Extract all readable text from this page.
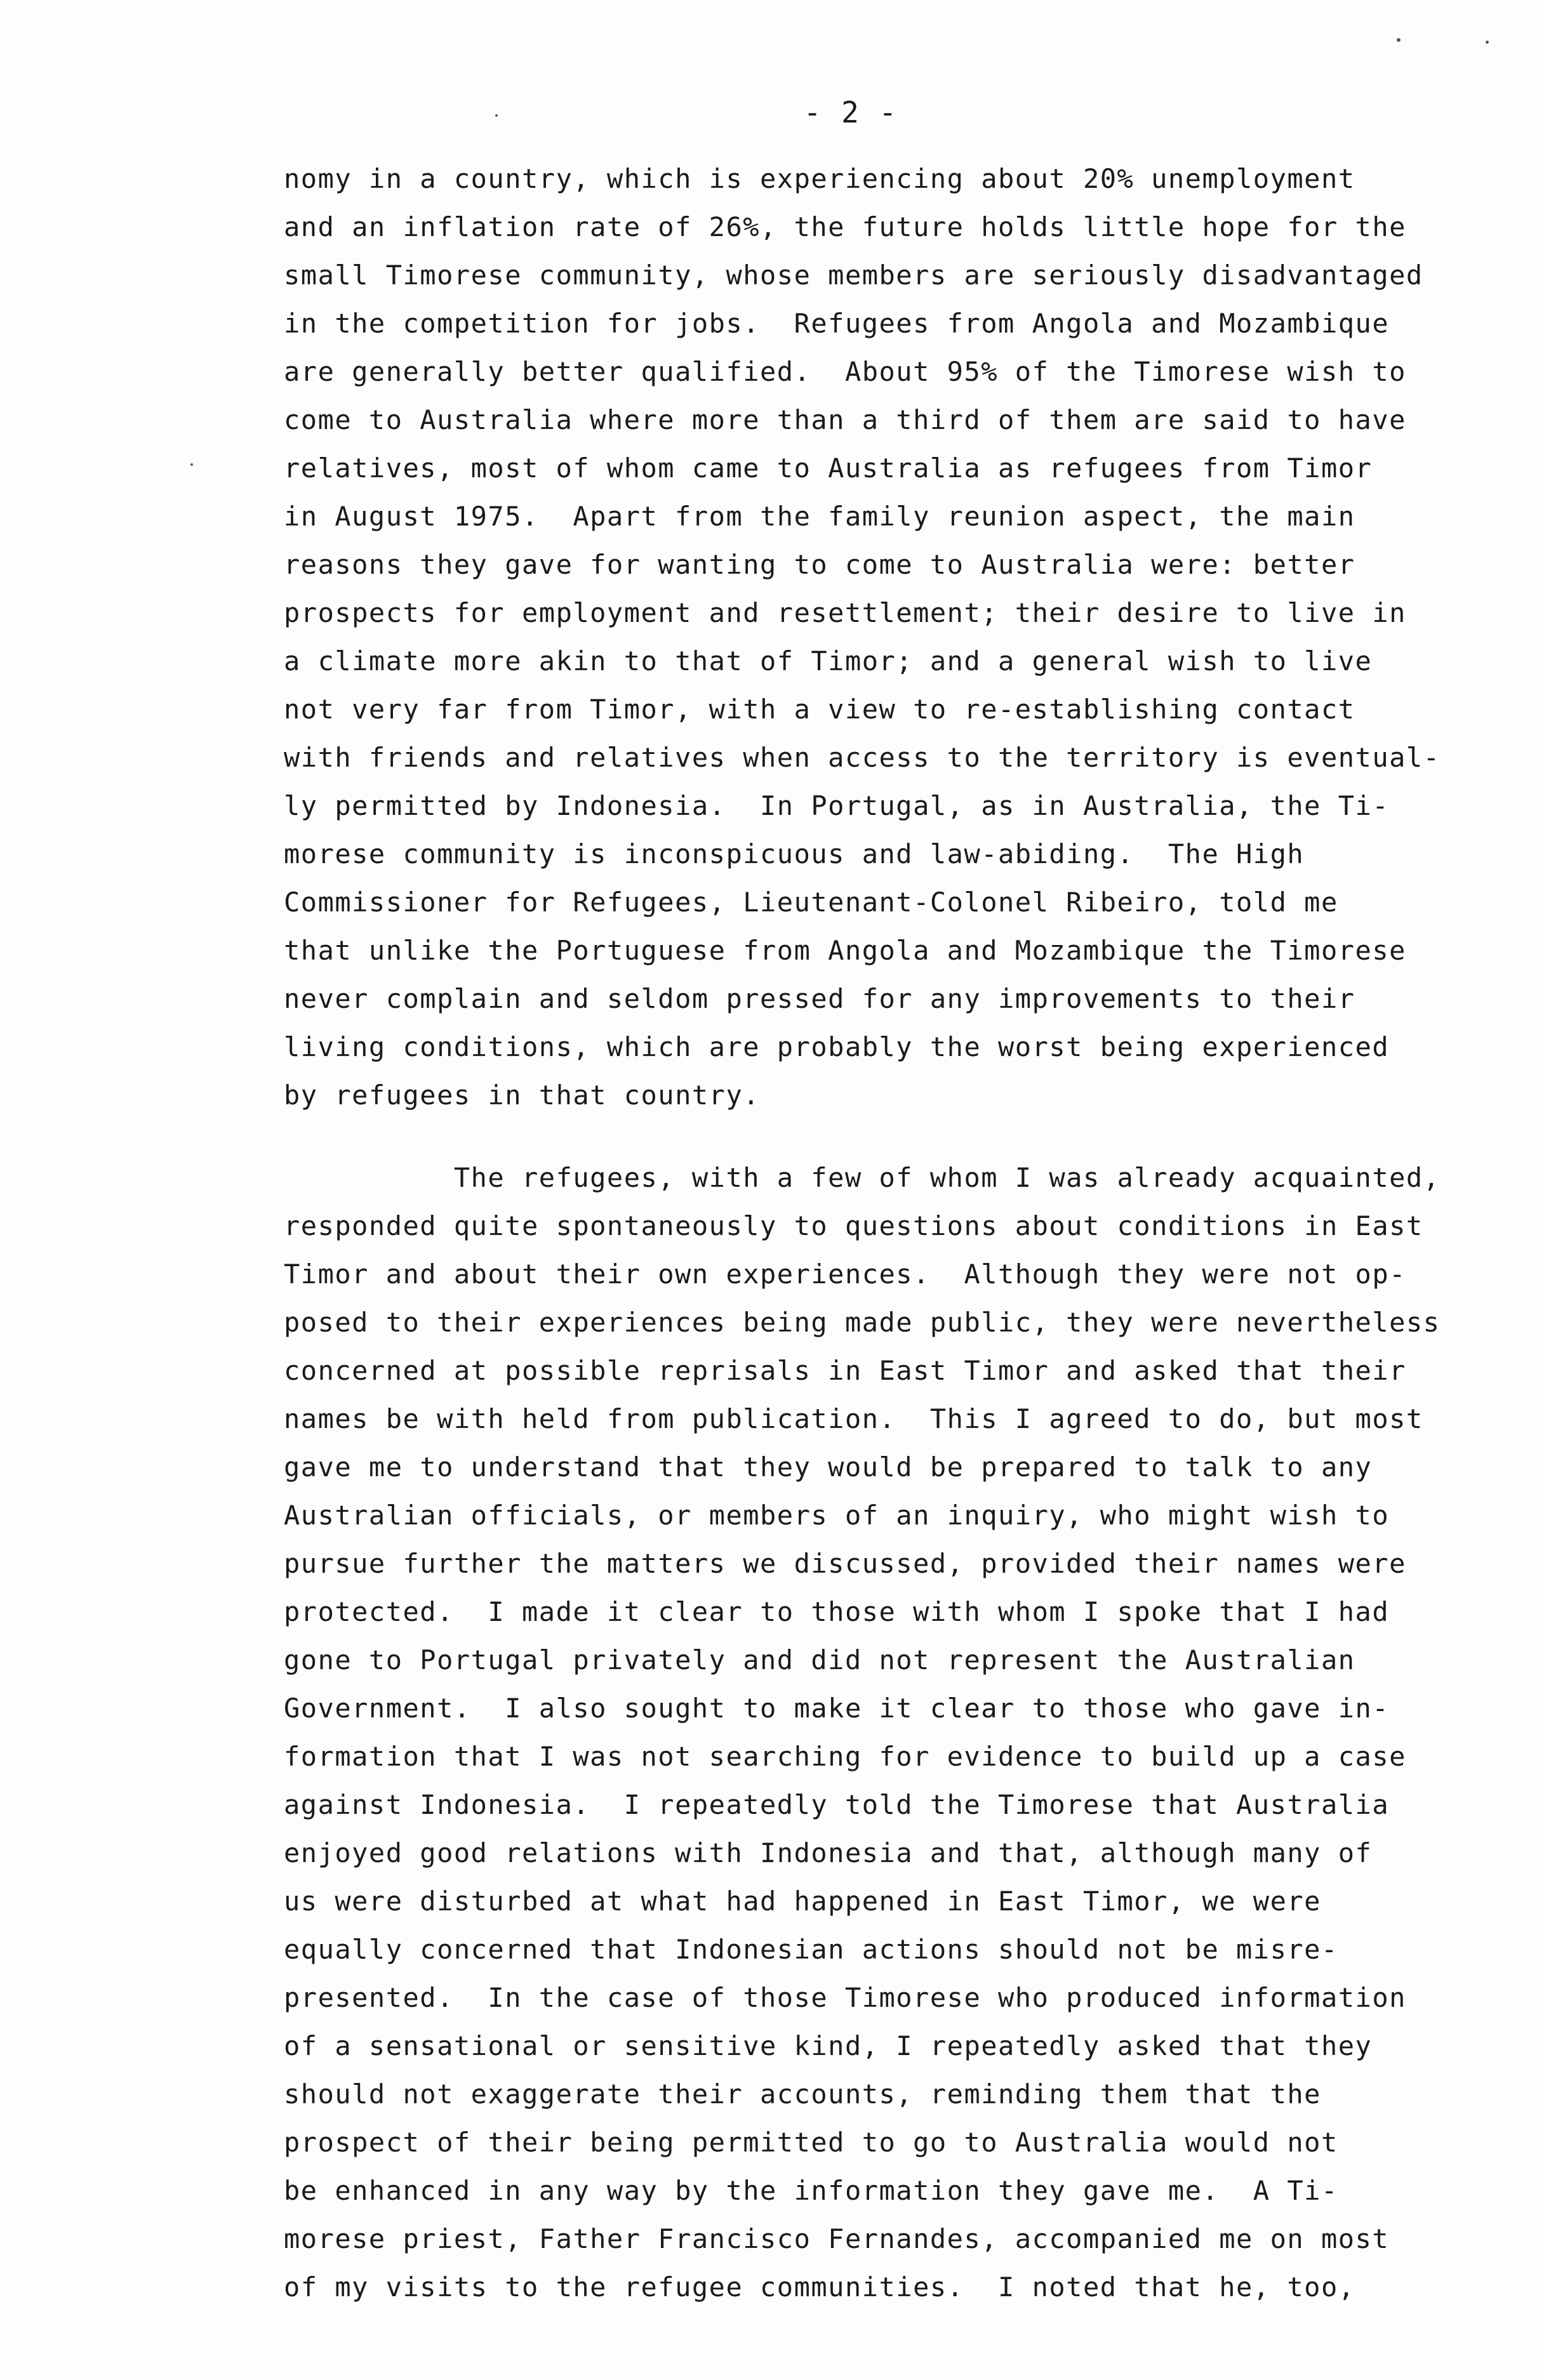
- 2 -
nomy in a country, which is experiencing about 20% unemployment
and an inflation rate of 26%, the future holds little hope for the
small Timorese community, whose members are seriously disadvantaged
in the competition for jobs.  Refugees from Angola and Mozambique
are generally better qualified.  About 95% of the Timorese wish to
come to Australia where more than a third of them are said to have
relatives, most of whom came to Australia as refugees from Timor
in August 1975.  Apart from the family reunion aspect, the main
reasons they gave for wanting to come to Australia were: better
prospects for employment and resettlement; their desire to live in
a climate more akin to that of Timor; and a general wish to live
not very far from Timor, with a view to re-establishing contact
with friends and relatives when access to the territory is eventual-
ly permitted by Indonesia.  In Portugal, as in Australia, the Ti-
morese community is inconspicuous and law-abiding.  The High
Commissioner for Refugees, Lieutenant-Colonel Ribeiro, told me
that unlike the Portuguese from Angola and Mozambique the Timorese
never complain and seldom pressed for any improvements to their
living conditions, which are probably the worst being experienced
by refugees in that country.
The refugees, with a few of whom I was already acquainted,
responded quite spontaneously to questions about conditions in East
Timor and about their own experiences.  Although they were not op-
posed to their experiences being made public, they were nevertheless
concerned at possible reprisals in East Timor and asked that their
names be with held from publication.  This I agreed to do, but most
gave me to understand that they would be prepared to talk to any
Australian officials, or members of an inquiry, who might wish to
pursue further the matters we discussed, provided their names were
protected.  I made it clear to those with whom I spoke that I had
gone to Portugal privately and did not represent the Australian
Government.  I also sought to make it clear to those who gave in-
formation that I was not searching for evidence to build up a case
against Indonesia.  I repeatedly told the Timorese that Australia
enjoyed good relations with Indonesia and that, although many of
us were disturbed at what had happened in East Timor, we were
equally concerned that Indonesian actions should not be misre-
presented.  In the case of those Timorese who produced information
of a sensational or sensitive kind, I repeatedly asked that they
should not exaggerate their accounts, reminding them that the
prospect of their being permitted to go to Australia would not
be enhanced in any way by the information they gave me.  A Ti-
morese priest, Father Francisco Fernandes, accompanied me on most
of my visits to the refugee communities.  I noted that he, too,
